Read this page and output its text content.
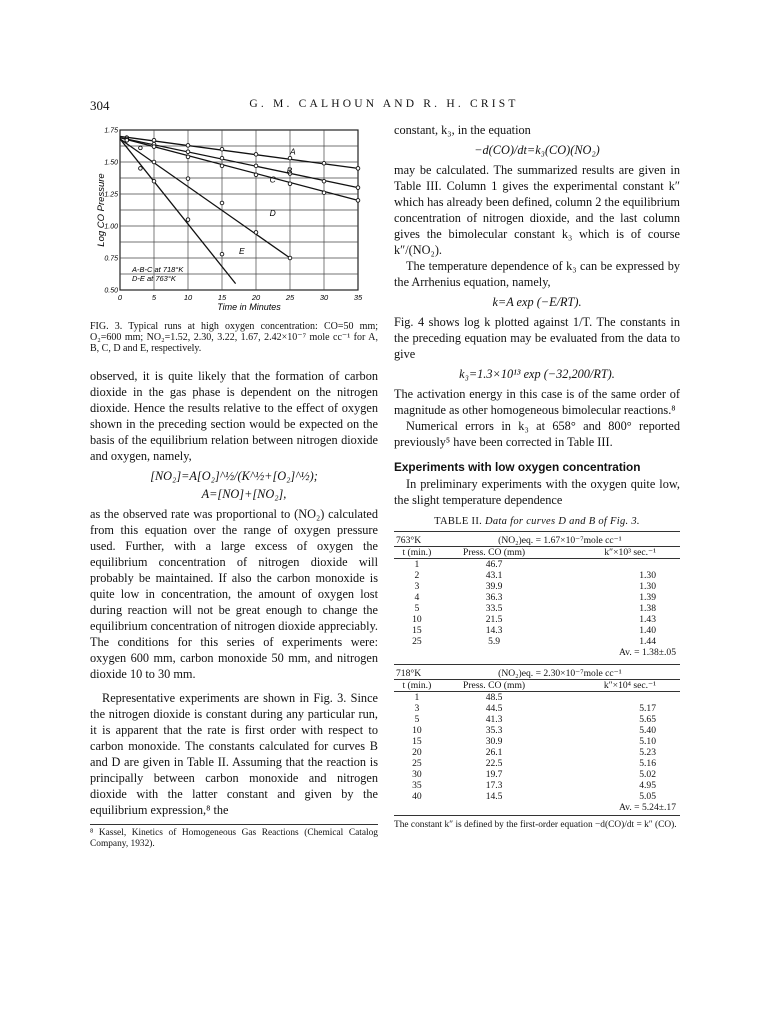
304	G. M. CALHOUN AND R. H. CRIST
0	5	10	15	20	25	30	35
0.50
0.75
1.00
1.25
1.50
1.75
Time in Minutes
Log CO Pressure
A
B
C
D
E
A-B-C at 718°K
D-E at 763°K

FIG. 3. Typical runs at high oxygen concentration: CO=50 mm; O₂=600 mm; NO₂=1.52, 2.30, 3.22, 1.67, 2.42×10⁻⁷ mole cc⁻¹ for A, B, C, D and E, respectively.

observed, it is quite likely that the formation of carbon dioxide in the gas phase is dependent on the nitrogen dioxide. Hence the results relative to the effect of oxygen shown in the preceding section would be expected on the basis of the equilibrium relation between nitrogen dioxide and oxygen, namely,

[NO₂]=A[O₂]^½/(K^½+[O₂]^½);

A=[NO]+[NO₂],

as the observed rate was proportional to (NO₂) calculated from this equation over the range of oxygen pressure used. Further, with a large excess of oxygen the equilibrium concentration of nitrogen dioxide will probably be maintained. If also the carbon monoxide is quite low in concentration, the amount of oxygen lost during reaction will not be great enough to change the equilibrium concentration of nitrogen dioxide appreciably. The conditions for this series of experiments were: oxygen 600 mm, carbon monoxide 50 mm, and nitrogen dioxide 10 to 30 mm.

Representative experiments are shown in Fig. 3. Since the nitrogen dioxide is constant during any particular run, it is apparent that the rate is first order with respect to carbon monoxide. The constants calculated for curves B and D are given in Table II. Assuming that the reaction is principally between carbon monoxide and nitrogen dioxide with the latter constant and given by the equilibrium expression,⁸ the

⁸ Kassel, Kinetics of Homogeneous Gas Reactions (Chemical Catalog Company, 1932).

constant, k₃, in the equation

−d(CO)/dt=k₃(CO)(NO₂)

may be calculated. The summarized results are given in Table III. Column 1 gives the experimental constant k″ which has already been defined, column 2 the equilibrium concentration of nitrogen dioxide, and the last column gives the bimolecular constant k₃ which is of course k″/(NO₂).

The temperature dependence of k₃ can be expressed by the Arrhenius equation, namely,

k=A exp (−E/RT).

Fig. 4 shows log k plotted against 1/T. The constants in the preceding equation may be evaluated from the data to give

k₃=1.3×10¹³ exp (−32,200/RT).

The activation energy in this case is of the same order of magnitude as other homogeneous bimolecular reactions.⁸

Numerical errors in k₃ at 658° and 800° reported previously⁵ have been corrected in Table III.

Experiments with low oxygen concentration

In preliminary experiments with the oxygen quite low, the slight temperature dependence

TABLE II. Data for curves D and B of Fig. 3.
763°K	(NO₂)eq. = 1.67×10⁻⁷mole cc⁻¹	
t (min.)	Press. CO (mm)	k″×10³ sec.⁻¹
1	46.7	
2	43.1	1.30
3	39.9	1.30
4	36.3	1.39
5	33.5	1.38
10	21.5	1.43
15	14.3	1.40
25	5.9	1.44
Av. = 1.38±.05		

718°K	(NO₂)eq. = 2.30×10⁻⁷mole cc⁻¹	
t (min.)	Press. CO (mm)	k″×10⁴ sec.⁻¹
1	48.5	
3	44.5	5.17
5	41.3	5.65
10	35.3	5.40
15	30.9	5.10
20	26.1	5.23
25	22.5	5.16
30	19.7	5.02
35	17.3	4.95
40	14.5	5.05
Av. = 5.24±.17		

The constant k″ is defined by the first-order equation −d(CO)/dt = k″ (CO).
